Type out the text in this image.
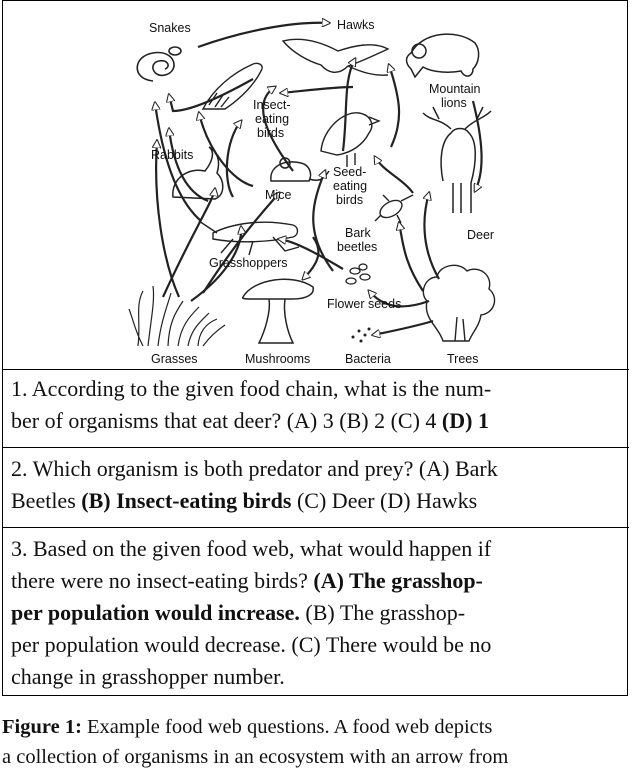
Snakes	Hawks
Mountain
lions
Insect-
eating
birds
Rabbits
Mice
Seed-
eating
birds
Bark
beetles
Deer
Grasshoppers
Flower seeds
Grasses	Mushrooms	Bacteria	Trees
1. According to the given food chain, what is the num-
ber of organisms that eat deer? (A) 3 (B) 2 (C) 4 (D) 1
2. Which organism is both predator and prey? (A) Bark
Beetles (B) Insect-eating birds (C) Deer (D) Hawks
3. Based on the given food web, what would happen if
there were no insect-eating birds? (A) The grasshop-
per population would increase. (B) The grasshop-
per population would decrease. (C) There would be no
change in grasshopper number.
Figure 1: Example food web questions. A food web depicts
a collection of organisms in an ecosystem with an arrow from
